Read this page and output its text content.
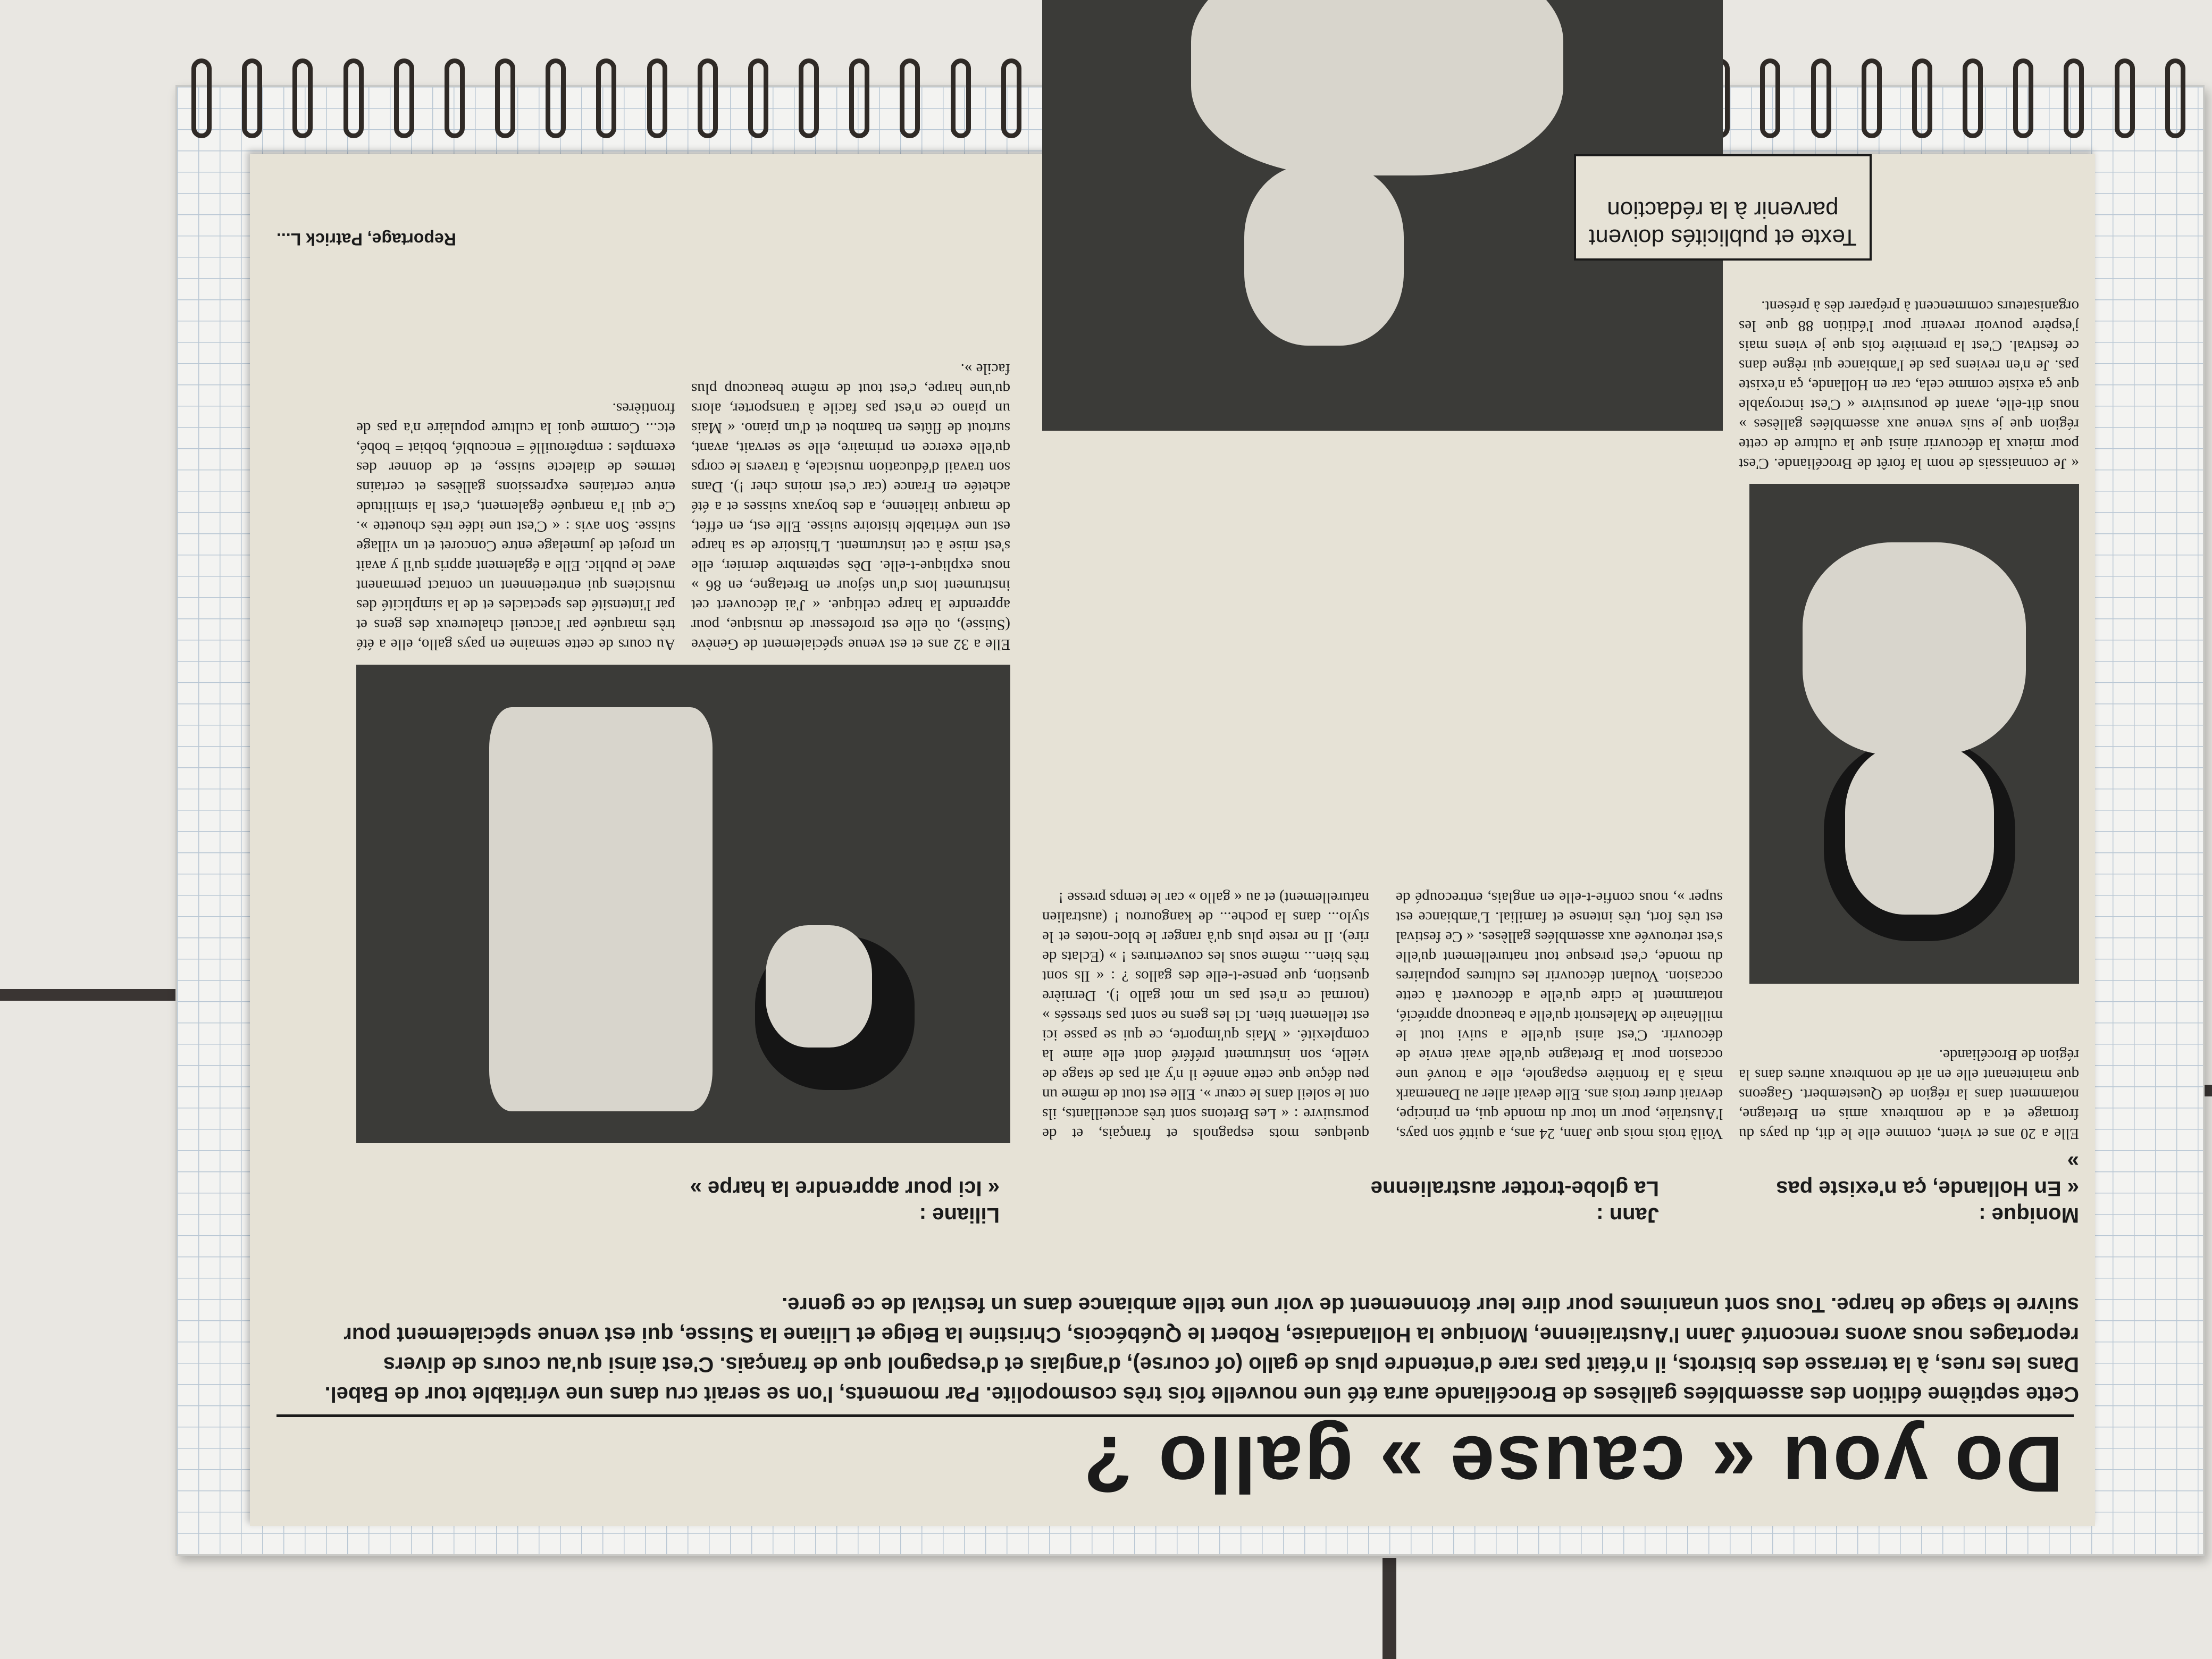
Do you « cause » gallo ?
Cette septième édition des assemblées gallèses de Brocéliande aura été une nouvelle fois très cosmopolite. Par moments, l'on se serait cru dans une véritable tour de Babel. Dans les rues, à la terrasse des bistrots, il n'était pas rare d'entendre plus de gallo (of course), d'anglais et d'espagnol que de français. C'est ainsi qu'au cours de divers reportages nous avons rencontré Jann l'Australienne, Monique la Hollandaise, Robert le Québécois, Christine la Belge et Liliane la Suisse, qui est venue spécialement pour suivre le stage de harpe. Tous sont unanimes pour dire leur étonnement de voir une telle ambiance dans un festival de ce genre.
Monique :
« En Hollande, ça n'existe pas »
Elle a 20 ans et vient, comme elle le dit, du pays du fromage et a de nombreux amis en Bretagne, notamment dans la région de Questembert. Gageons que maintenant elle en ait de nombreux autres dans la région de Brocéliande.
« Je connaissais de nom la forêt de Brocéliande. C'est pour mieux la découvrir ainsi que la culture de cette région que je suis venue aux assemblées gallèses » nous dit-elle, avant de poursuivre « C'est incroyable que ça existe comme cela, car en Hollande, ça n'existe pas. Je n'en reviens pas de l'ambiance qui règne dans ce festival. C'est la première fois que je viens mais j'espère pouvoir revenir pour l'édition 88 que les organisateurs commencent à préparer dès à présent.
Jann :
La globe-trotter australienne
Voilà trois mois que Jann, 24 ans, a quitté son pays, l'Australie, pour un tour du monde qui, en principe, devrait durer trois ans. Elle devait aller au Danemark mais à la frontière espagnole, elle a trouvé une occasion pour la Bretagne qu'elle avait envie de découvrir. C'est ainsi qu'elle a suivi tout le millénaire de Malestroit qu'elle a beaucoup apprécié, notamment le cidre qu'elle a découvert à cette occasion. Voulant découvrir les cultures populaires du monde, c'est presque tout naturellement qu'elle s'est retrouvée aux assemblées gallèses. « Ce festival est très fort, très intense et familial. L'ambiance est super », nous confie-t-elle en anglais, entrecoupé de quelques mots espagnols et français, et de poursuivre : « Les Bretons sont très accueillants, ils ont le soleil dans le cœur ». Elle est tout de même un peu déçue que cette année il n'y ait pas de stage de vielle, son instrument préféré dont elle aime la complexité. « Mais qu'importe, ce qui se passe ici est tellement bien. Ici les gens ne sont pas stressés » (normal ce n'est pas un mot gallo !). Dernière question, que pense-t-elle des gallos ? : « Ils sont très bien... même sous les couvertures ! » (Eclats de rire). Il ne reste plus qu'à ranger le bloc-notes et le stylo... dans la poche... de kangourou ! (australien naturellement) et au « gallo » car le temps presse !
Liliane :
« Ici pour apprendre la harpe »
Elle a 32 ans et est venue spécialement de Genève (Suisse), où elle est professeur de musique, pour apprendre la harpe celtique. « J'ai découvert cet instrument lors d'un séjour en Bretagne, en 86 » nous explique-t-elle. Dès septembre dernier, elle s'est mise à cet instrument. L'histoire de sa harpe est une véritable histoire suisse. Elle est, en effet, de marque italienne, a des boyaux suisses et a été achetée en France (car c'est moins cher !). Dans son travail d'éducation musicale, à travers le corps qu'elle exerce en primaire, elle se servait, avant, surtout de flûtes en bambou et d'un piano. « Mais un piano ce n'est pas facile à transporter, alors qu'une harpe, c'est tout de même beaucoup plus facile ».
Au cours de cette semaine en pays gallo, elle a été très marquée par l'accueil chaleureux des gens et par l'intensité des spectacles et de la simplicité des musiciens qui entretiennent un contact permanent avec le public. Elle a également appris qu'il y avait un projet de jumelage entre Concoret et un village suisse. Son avis : « C'est une idée très chouette ». Ce qui l'a marquée également, c'est la similitude entre certaines expressions gallèses et certains termes de dialecte suisse, et de donner des exemples : empêrouillé = encoublé, bobiat = bobé, etc... Comme quoi la culture populaire n'a pas de frontières.
Texte et publicités doivent parvenir à la rédaction
Reportage, Patrick L...
